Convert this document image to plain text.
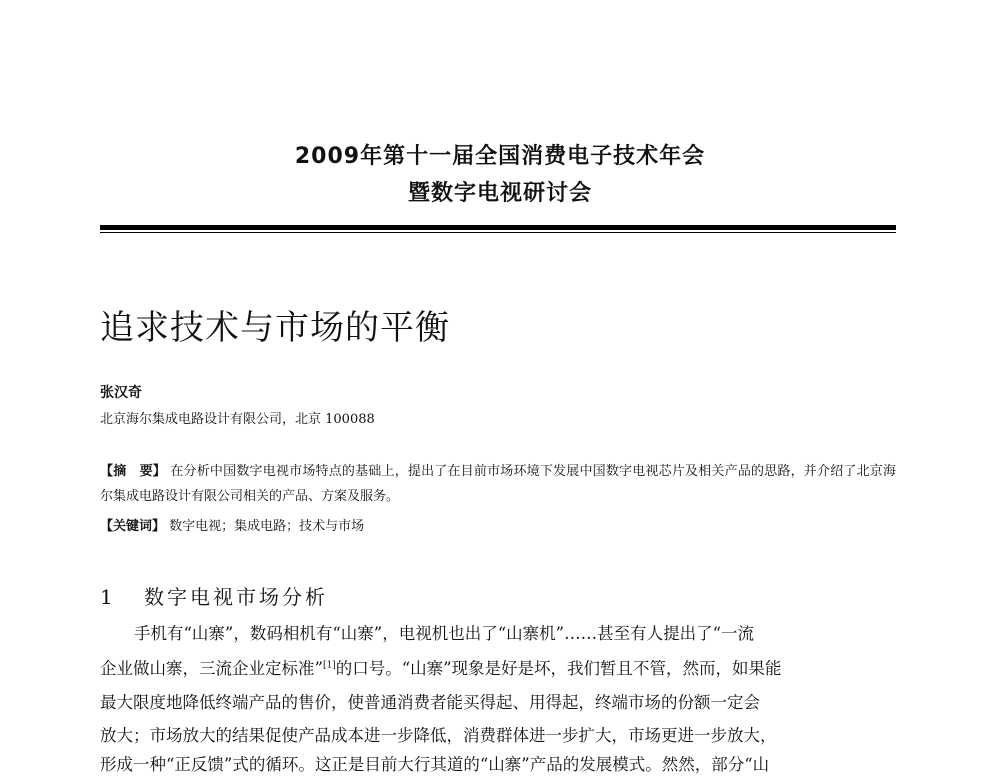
2009年第十一届全国消费电子技术年会
暨数字电视研讨会
追求技术与市场的平衡
张汉奇
北京海尔集成电路设计有限公司，北京 100088
【摘　要】 在分析中国数字电视市场特点的基础上，提出了在目前市场环境下发展中国数字电视芯片及相关产品的思路，并介绍了北京海尔集成电路设计有限公司相关的产品、方案及服务。
【关键词】 数字电视；集成电路；技术与市场
1 数字电视市场分析
手机有“山寨”，数码相机有“山寨”，电视机也出了“山寨机”……甚至有人提出了“一流
企业做山寨，三流企业定标准”[1]的口号。“山寨”现象是好是坏，我们暂且不管，然而，如果能
最大限度地降低终端产品的售价，使普通消费者能买得起、用得起，终端市场的份额一定会
放大；市场放大的结果促使产品成本进一步降低，消费群体进一步扩大，市场更进一步放大，
形成一种“正反馈”式的循环。这正是目前大行其道的“山寨”产品的发展模式。然然，部分“山
